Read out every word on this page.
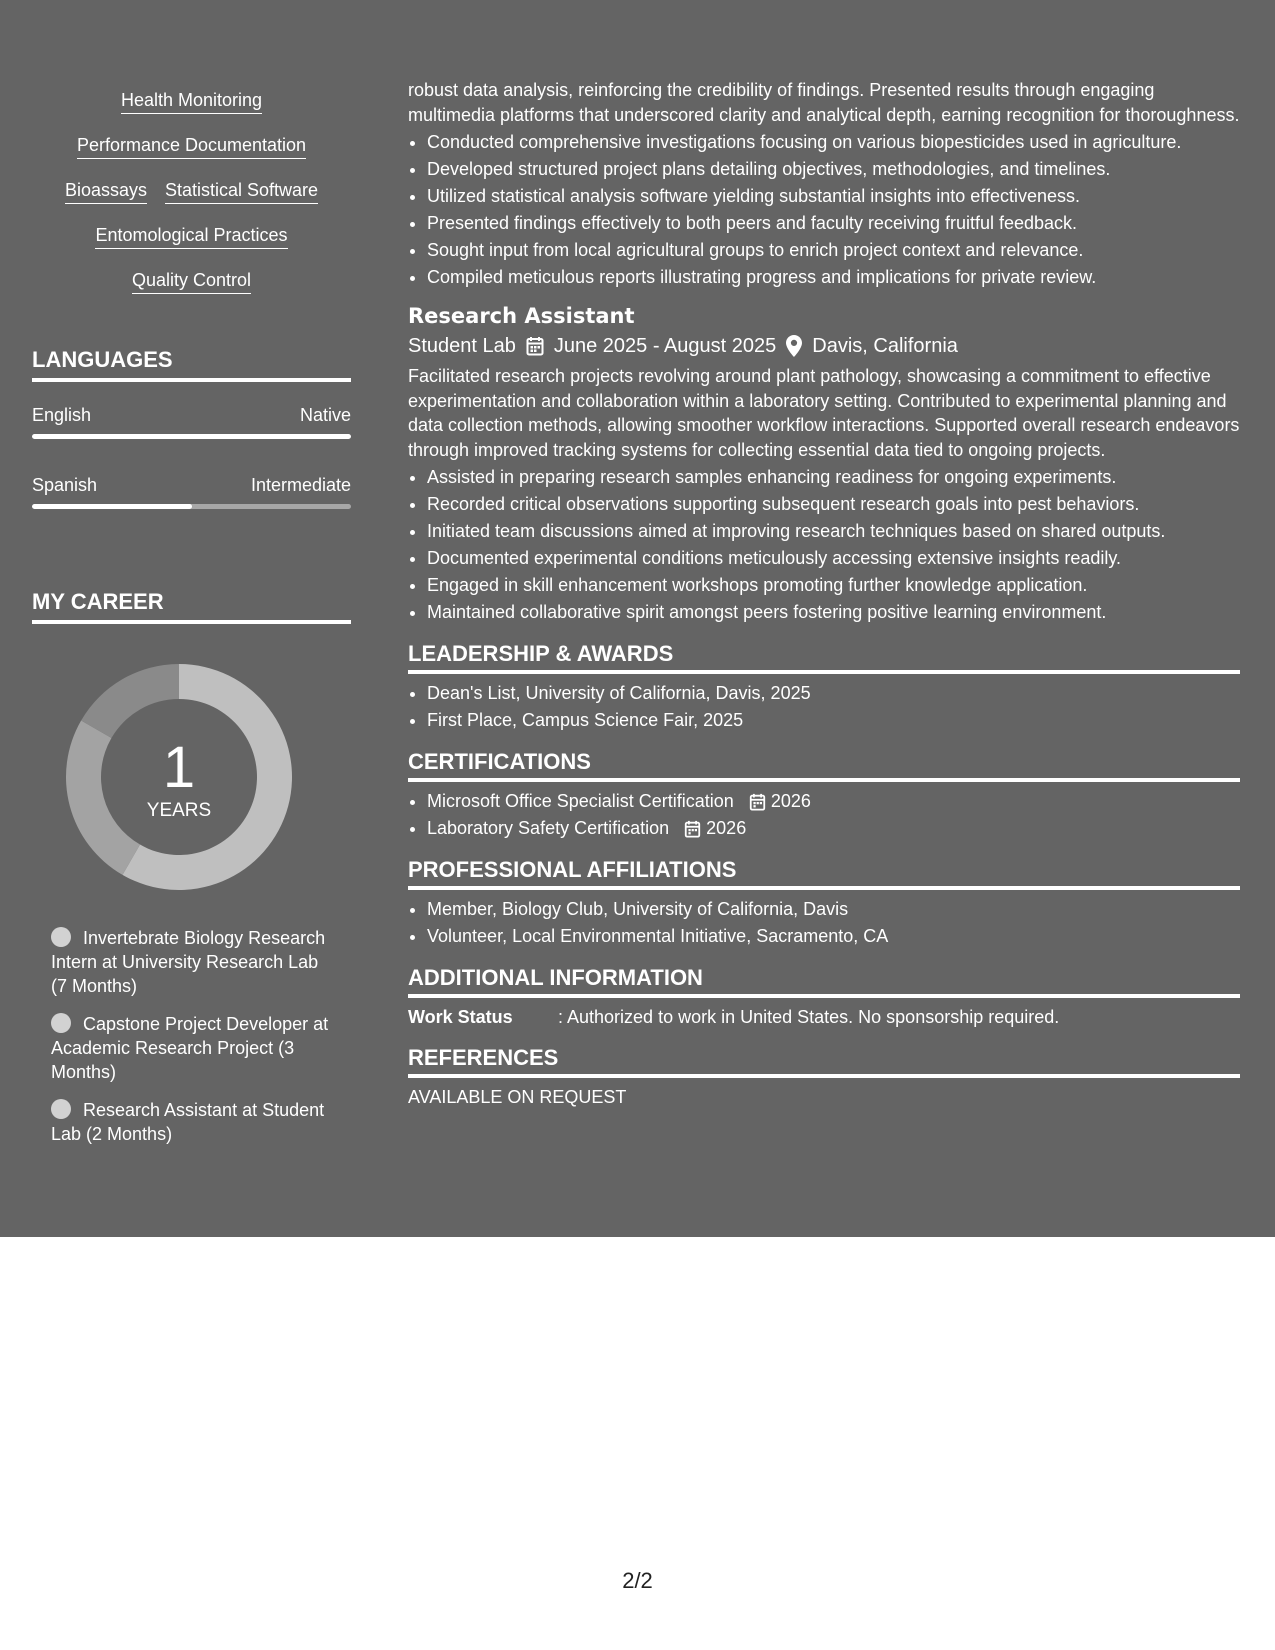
Health Monitoring
Performance Documentation
Bioassays Statistical Software
Entomological Practices
Quality Control
LANGUAGES
English	Native
Spanish	Intermediate
MY CAREER
1
YEARS
Invertebrate Biology Research Intern at University Research Lab (7 Months)
Capstone Project Developer at Academic Research Project (3 Months)
Research Assistant at Student Lab (2 Months)

robust data analysis, reinforcing the credibility of findings. Presented results through engaging multimedia platforms that underscored clarity and analytical depth, earning recognition for thoroughness.

• Conducted comprehensive investigations focusing on various biopesticides used in agriculture.
• Developed structured project plans detailing objectives, methodologies, and timelines.
• Utilized statistical analysis software yielding substantial insights into effectiveness.
• Presented findings effectively to both peers and faculty receiving fruitful feedback.
• Sought input from local agricultural groups to enrich project context and relevance.
• Compiled meticulous reports illustrating progress and implications for private review.
Research Assistant
Student Lab June 2025 - August 2025 Davis, California

Facilitated research projects revolving around plant pathology, showcasing a commitment to effective experimentation and collaboration within a laboratory setting. Contributed to experimental planning and data collection methods, allowing smoother workflow interactions. Supported overall research endeavors through improved tracking systems for collecting essential data tied to ongoing projects.

• Assisted in preparing research samples enhancing readiness for ongoing experiments.
• Recorded critical observations supporting subsequent research goals into pest behaviors.
• Initiated team discussions aimed at improving research techniques based on shared outputs.
• Documented experimental conditions meticulously accessing extensive insights readily.
• Engaged in skill enhancement workshops promoting further knowledge application.
• Maintained collaborative spirit amongst peers fostering positive learning environment.
LEADERSHIP & AWARDS
• Dean's List, University of California, Davis, 2025
• First Place, Campus Science Fair, 2025
CERTIFICATIONS
• Microsoft Office Specialist Certification 2026
• Laboratory Safety Certification 2026
PROFESSIONAL AFFILIATIONS
• Member, Biology Club, University of California, Davis
• Volunteer, Local Environmental Initiative, Sacramento, CA
ADDITIONAL INFORMATION
Work Status	: Authorized to work in United States. No sponsorship required.
REFERENCES
AVAILABLE ON REQUEST
2/2
